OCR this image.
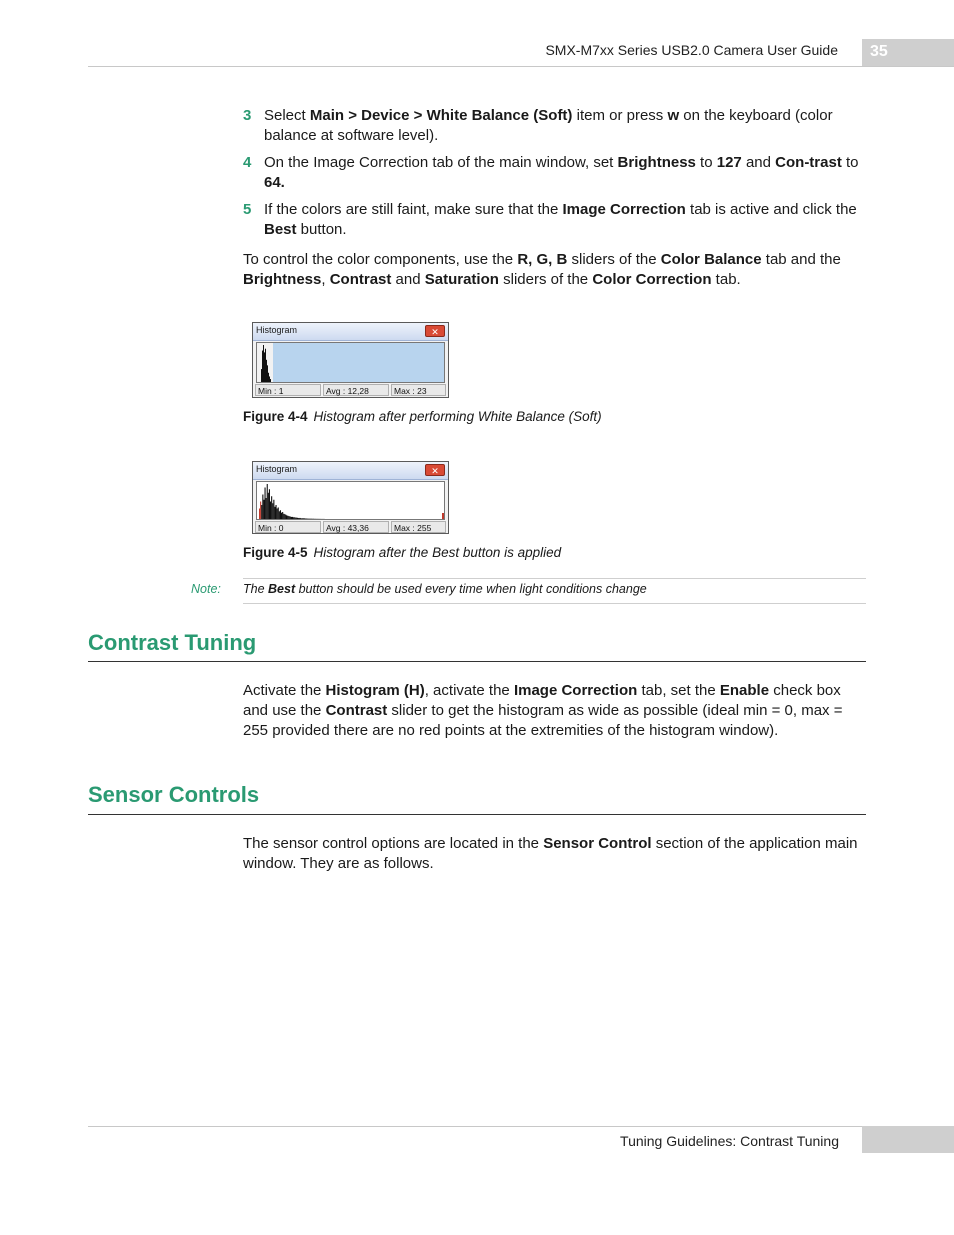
SMX-M7xx Series USB2.0 Camera User Guide 35
3 Select Main > Device > White Balance (Soft) item or press w on the keyboard (color balance at software level).
4 On the Image Correction tab of the main window, set Brightness to 127 and Con-trast to 64.
5 If the colors are still faint, make sure that the Image Correction tab is active and click the Best button.
To control the color components, use the R, G, B sliders of the Color Balance tab and the Brightness, Contrast and Saturation sliders of the Color Correction tab.
Histogram	✕
Min : 1	Avg : 12,28	Max : 23
Figure 4-4 Histogram after performing White Balance (Soft)
Histogram	✕
Min : 0	Avg : 43,36	Max : 255
Figure 4-5 Histogram after the Best button is applied
Note: The Best button should be used every time when light conditions change
Contrast Tuning
Activate the Histogram (H), activate the Image Correction tab, set the Enable check box and use the Contrast slider to get the histogram as wide as possible (ideal min = 0, max = 255 provided there are no red points at the extremities of the histogram window).
Sensor Controls
The sensor control options are located in the Sensor Control section of the application main window. They are as follows.
Tuning Guidelines: Contrast Tuning
